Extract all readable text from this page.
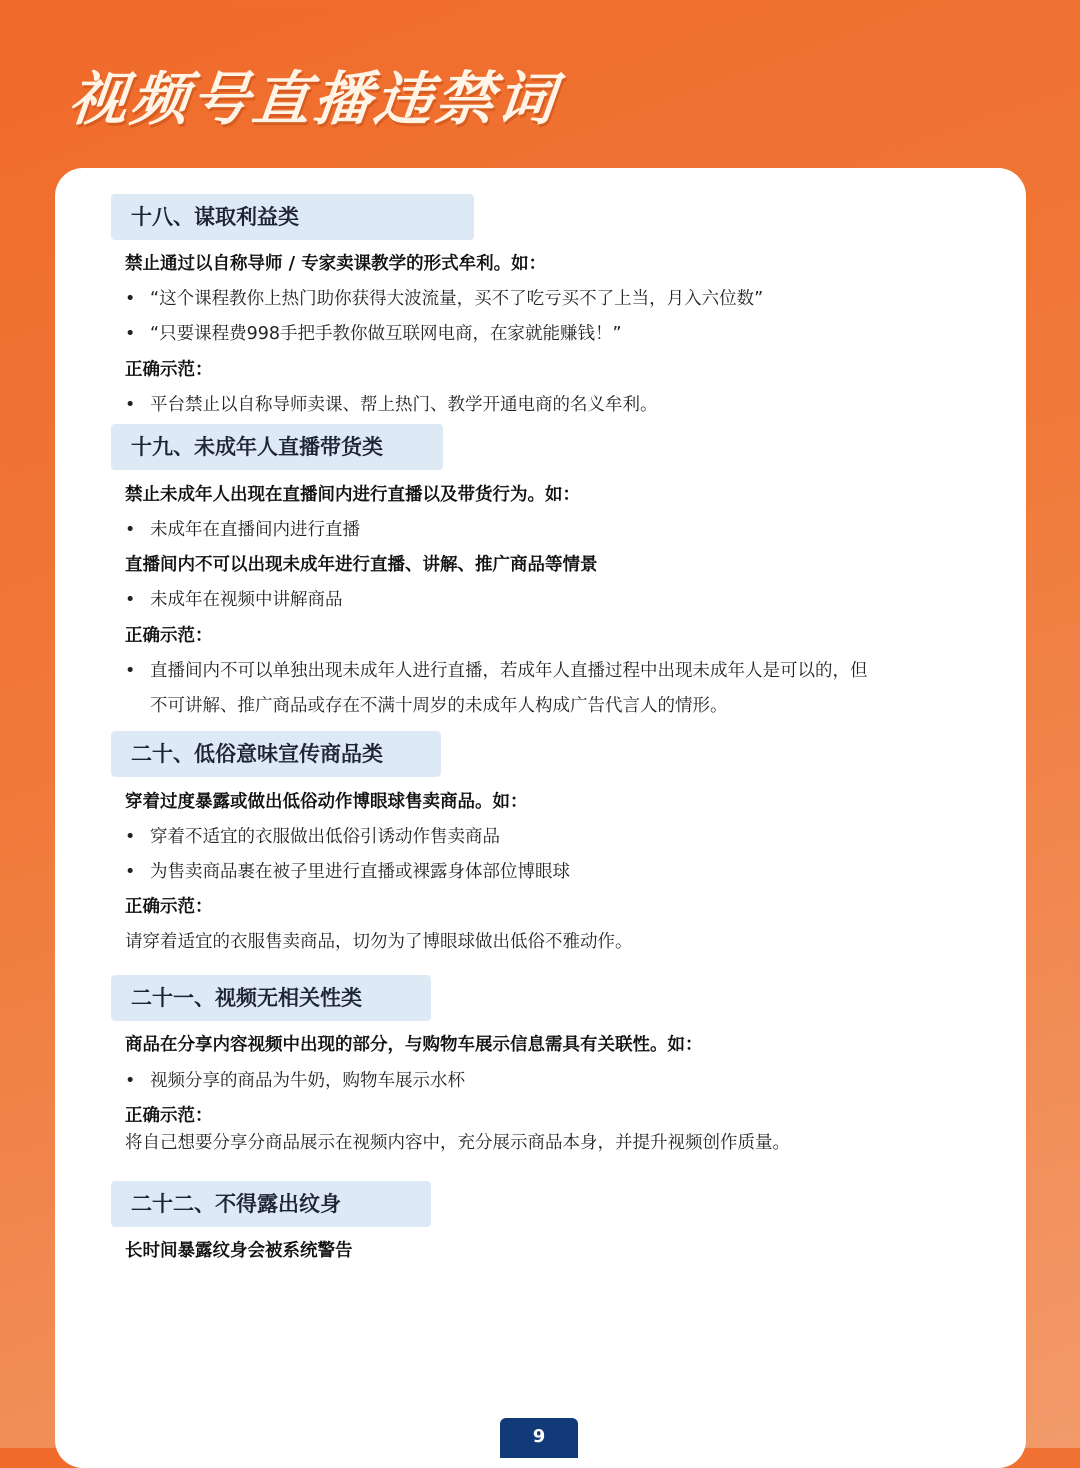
视频号直播违禁词
十八、谋取利益类
禁止通过以自称导师 / 专家卖课教学的形式牟利。如：
• “这个课程教你上热门助你获得大波流量，买不了吃亏买不了上当，月入六位数”
• “只要课程费998手把手教你做互联网电商，在家就能赚钱！”
正确示范：
• 平台禁止以自称导师卖课、帮上热门、教学开通电商的名义牟利。
十九、未成年人直播带货类
禁止未成年人出现在直播间内进行直播以及带货行为。如：
• 未成年在直播间内进行直播
直播间内不可以出现未成年进行直播、讲解、推广商品等情景
• 未成年在视频中讲解商品
正确示范：
• 直播间内不可以单独出现未成年人进行直播，若成年人直播过程中出现未成年人是可以的，但
不可讲解、推广商品或存在不满十周岁的未成年人构成广告代言人的情形。
二十、低俗意味宣传商品类
穿着过度暴露或做出低俗动作博眼球售卖商品。如：
• 穿着不适宜的衣服做出低俗引诱动作售卖商品
• 为售卖商品裹在被子里进行直播或裸露身体部位博眼球
正确示范：
请穿着适宜的衣服售卖商品，切勿为了博眼球做出低俗不雅动作。
二十一、视频无相关性类
商品在分享内容视频中出现的部分，与购物车展示信息需具有关联性。如：
• 视频分享的商品为牛奶，购物车展示水杯
正确示范：
将自己想要分享分商品展示在视频内容中，充分展示商品本身，并提升视频创作质量。
二十二、不得露出纹身
长时间暴露纹身会被系统警告
9
